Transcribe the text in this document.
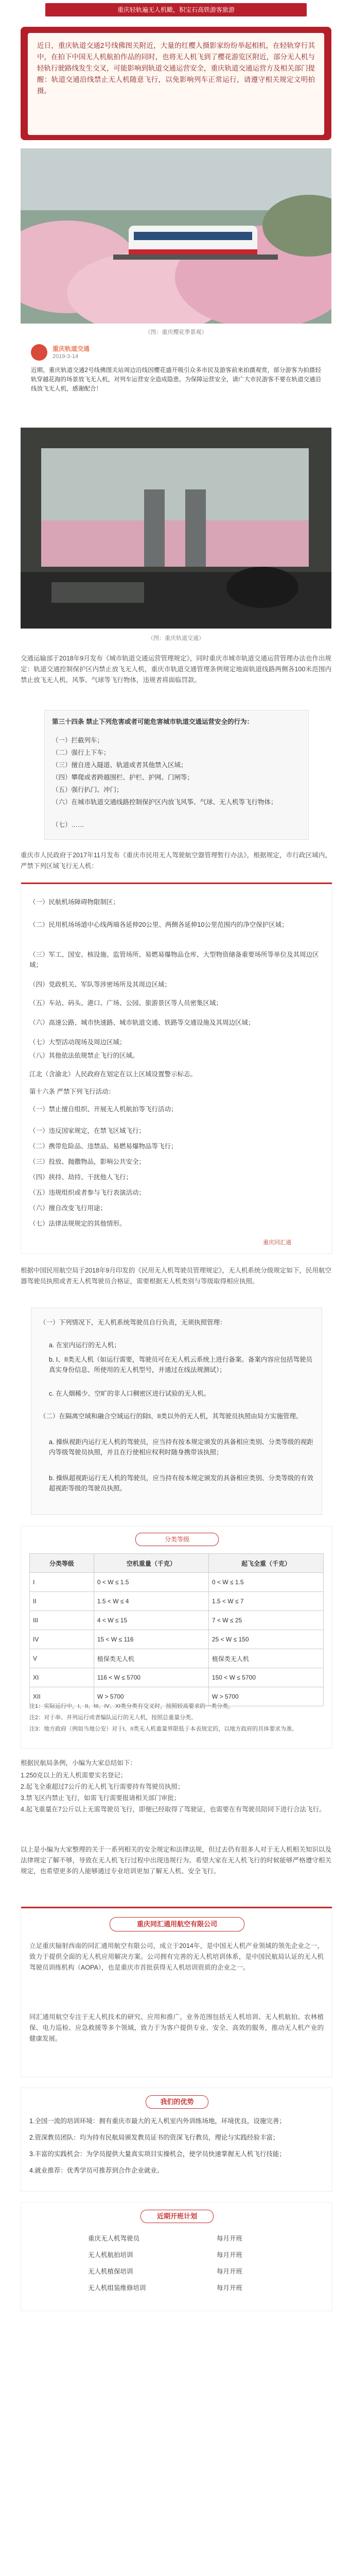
重庆轻轨遍无人机瞰，积宝石高铁游客旅游
近日，重庆轨道交通2号线佛图关附近，大量的红樱人摄影家纷纷举起相机，在轻轨穿行其中，在拍下中国无人机航拍作品的同时，也将无人机飞到了樱花游览区附近，部分无人机与轻轨行驶路线发生交叉，可能影响到轨道交通运营安全，重庆轨道交通运营方及相关部门提醒：轨道交通沿线禁止无人机随意飞行，以免影响列车正常运行，请遵守相关规定文明拍摄。
（图：重庆樱花季景观）
重庆轨道交通
2019-3-14
近期，重庆轨道交通2号线佛图关站周边沿线因樱花盛开吸引众多市民及游客前来拍摄观赏，部分游客为拍摄轻轨穿越花海的场景放飞无人机，对列车运营安全造成隐患。为保障运营安全，请广大市民游客不要在轨道交通沿线放飞无人机，感谢配合！
（图：重庆轨道交通）
交通运输部于2018年9月发布《城市轨道交通运营管理规定》，同时重庆市城市轨道交通运营管理办法也作出规定：轨道交通控制保护区内禁止放飞无人机，重庆市轨道交通管理条例规定地面轨道线路两侧各100米范围内禁止放飞无人机、风筝、气球等飞行物体，违规者将面临罚款。
第三十四条 禁止下列危害或者可能危害城市轨道交通运营安全的行为：
（一）拦截列车；
（二）强行上下车；
（三）擅自进入隧道、轨道或者其他禁入区域；
（四）攀爬或者跨越围栏、护栏、护网、门闸等；
（五）强行扒门、冲门；
（六）在城市轨道交通线路控制保护区内放飞风筝、气球、无人机等飞行物体；
（七）……
重庆市人民政府于2017年11月发布《重庆市民用无人驾驶航空器管理暂行办法》，根据规定，市行政区域内，严禁下列区域飞行无人机：
（一）民航机场障碍物限制区；
（二）民用机场场道中心线两端各延伸20公里、两侧各延伸10公里范围内的净空保护区域；
（三）军工、国安、核设施、监管场所、易燃易爆物品仓库、大型物资储备重要场所等单位及其周边区域；
（四）党政机关、军队等涉密场所及其周边区域；
（五）车站、码头、港口、广场、公园、旅游景区等人员密集区域；
（六）高速公路、城市快速路、城市轨道交通、铁路等交通设施及其周边区域；
（七）大型活动现场及周边区域；
（八）其他依法依规禁止飞行的区域。
江北（含渝北）人民政府在划定在以上区域设置警示标志。
第十六条 严禁下列飞行活动：
（一）禁止擅自组织、开展无人机航拍等飞行活动；
（一）违反国家规定，在禁飞区域飞行；
（二）携带危险品、违禁品、易燃易爆物品等飞行；
（三）投放、抛撒物品，影响公共安全；
（四）挟持、劫持、干扰他人飞行；
（五）违规组织或者参与飞行表演活动；
（六）擅自改变飞行用途；
（七）法律法规规定的其他情形。
重庆同汇通
根据中国民用航空局于2018年9月印发的《民用无人机驾驶员管理规定》，无人机系统分级规定如下，民用航空器驾驶员执照或者无人机驾驶员合格证，需要根据无人机类别与等级取得相应执照。
（一）下列情况下，无人机系统驾驶员自行负责，无须执照管理：
a. 在室内运行的无人机；
b. I、II类无人机（如运行需要，驾驶员可在无人机云系统上进行备案。备案内容应包括驾驶员真实身份信息、所使用的无人机型号，并通过在线法规测试）；
c. 在人烟稀少、空旷的非人口稠密区进行试验的无人机。
（二）在隔离空域和融合空域运行的除I、II类以外的无人机，其驾驶员执照由局方实施管理。
a. 操纵视距内运行无人机的驾驶员，应当持有按本规定颁发的具备相应类别、分类等级的视距内等级驾驶员执照，并且在行使相应权利时随身携带该执照；
b. 操纵超视距运行无人机的驾驶员，应当持有按本规定颁发的具备相应类别、分类等级的有效超视距等级的驾驶员执照。
分类等级
分类等级	空机重量（千克）	起飞全重（千克）
I	0 < W ≤ 1.5	0 < W ≤ 1.5
II	1.5 < W ≤ 4	1.5 < W ≤ 7
III	4 < W ≤ 15	7 < W ≤ 25
IV	15 < W ≤ 116	25 < W ≤ 150
V	植保类无人机	植保类无人机
XI	116 < W ≤ 5700	150 < W ≤ 5700
XII	W > 5700	W > 5700
注1：实际运行中，I、II、III、IV、XI类分类有交叉时，按照较高要求的一类分类。
注2：对于串、并列运行或者编队运行的无人机，按照总重量分类。
注3：地方政府（例如当地公安）对于I、II类无人机重量界限低于本表规定的，以地方政府的具体要求为准。
根据民航局条例，小编为大家总结如下：
1.250克以上的无人机需要实名登记；
2.起飞全重超过7公斤的无人机飞行需要持有驾驶员执照；
3.禁飞区内禁止飞行，如需飞行需要报请相关部门审批；
4.起飞重量在7公斤以上无需驾驶员飞行，即便已经取得了驾驶证，也需要在有驾驶员陪同下进行合法飞行。
以上是小编为大家整理的关于一系列相关的安全规定和法律法规，但过去仍有很多人对于无人机相关知识以及法律规定了解不够，导致在无人机飞行过程中出现违规行为。希望大家在无人机飞行的时候能够严格遵守相关规定，也希望更多的人能够通过专业培训更加了解无人机、安全飞行。
重庆同汇通用航空有限公司
立足重庆辐射西南的同汇通用航空有限公司，成立于2014年，是中国无人机产业领域的领先企业之一，致力于提供全面的无人机应用解决方案。公司拥有完善的无人机培训体系，是中国民航局认证的无人机驾驶员训练机构（AOPA），也是重庆市首批获得无人机培训资质的企业之一。
同汇通用航空专注于无人机技术的研究、应用和推广，业务范围包括无人机培训、无人机航拍、农林植保、电力巡检、应急救援等多个领域，致力于为客户提供专业、安全、高效的服务，推动无人机产业的健康发展。
我们的优势
1.全国一流的培训环境：拥有重庆市最大的无人机室内外训练场地，环境优良，设施完善；
2.资深教员团队：均为持有民航局颁发教员证书的资深飞行教员，理论与实践经验丰富；
3.丰富的实践机会：为学员提供大量真实项目实操机会，使学员快速掌握无人机飞行技能；
4.就业推荐：优秀学员可推荐到合作企业就业。
近期开班计划
重庆无人机驾驶员	每月开班
无人机航拍培训	每月开班
无人机植保培训	每月开班
无人机组装维修培训	每月开班
